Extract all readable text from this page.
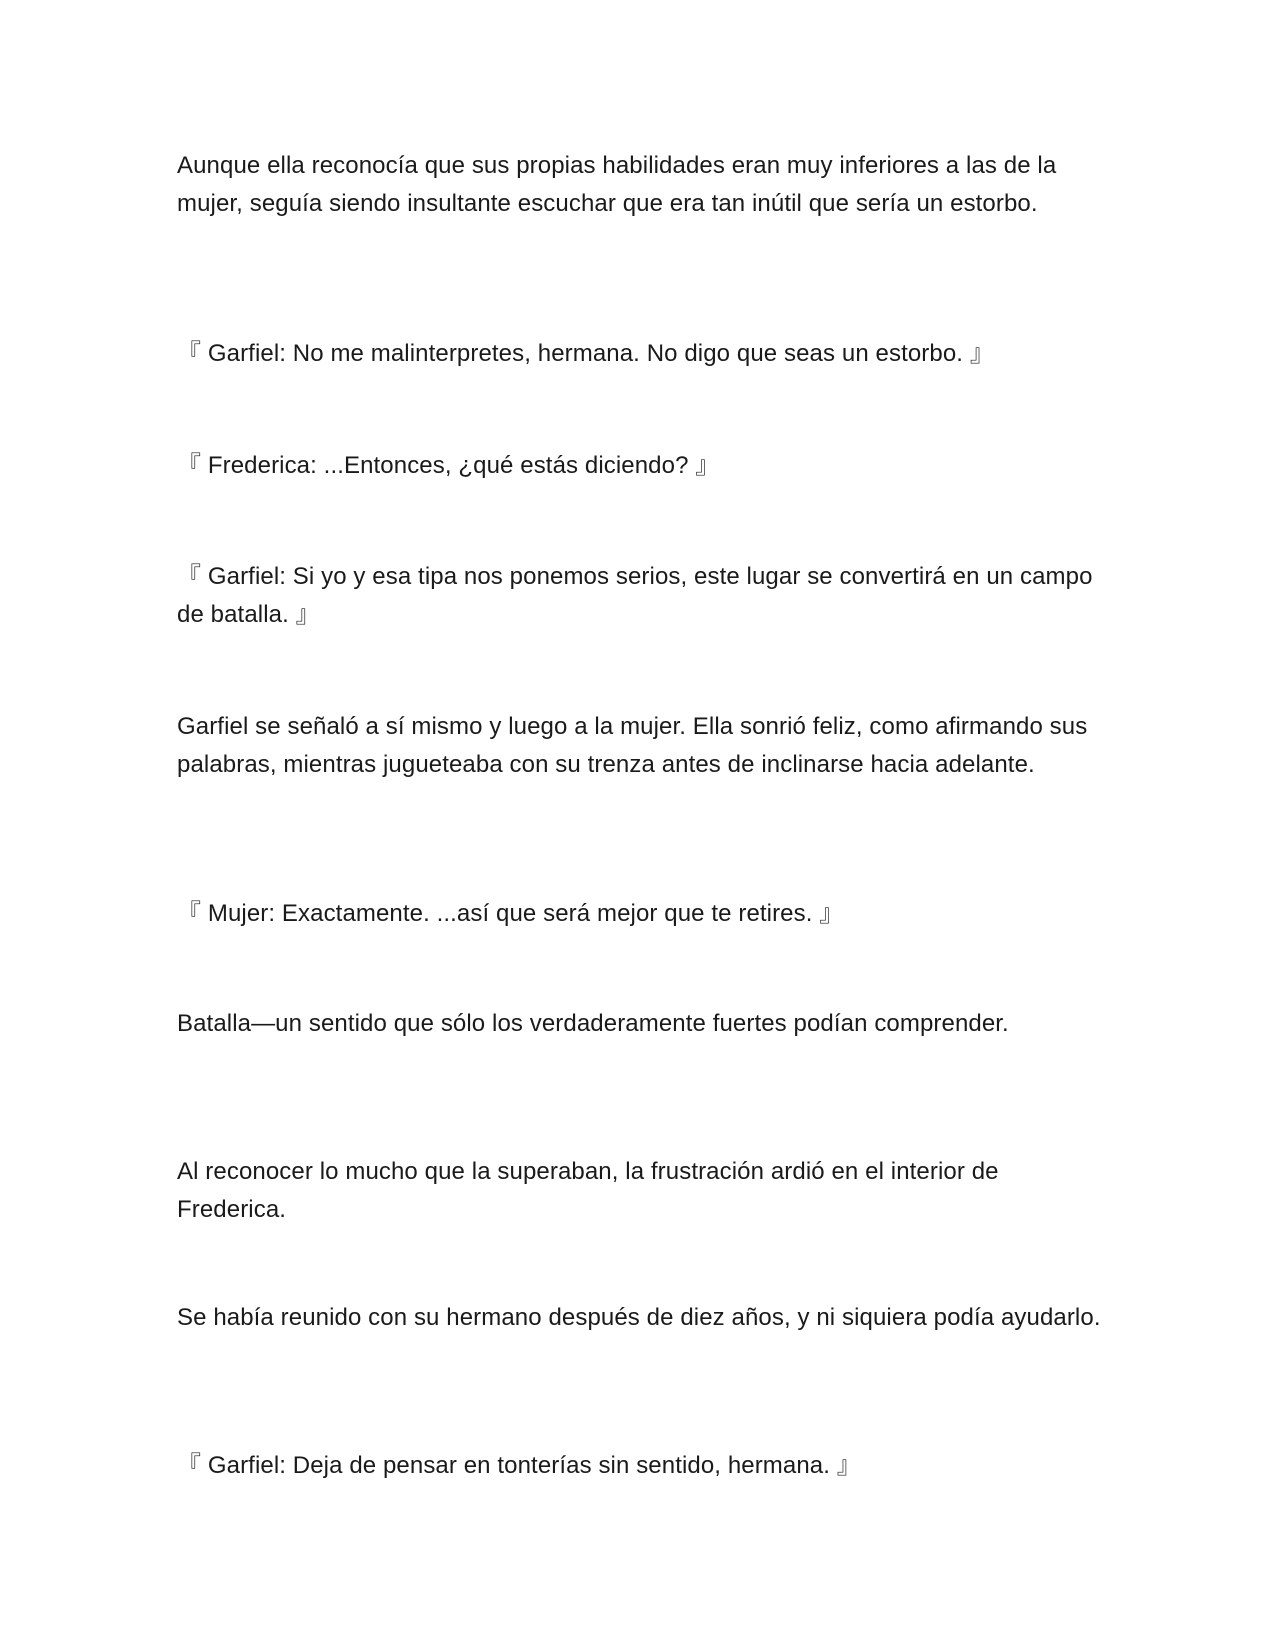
Aunque ella reconocía que sus propias habilidades eran muy inferiores a las de la mujer, seguía siendo insultante escuchar que era tan inútil que sería un estorbo.

『 Garfiel: No me malinterpretes, hermana. No digo que seas un estorbo. 』

『 Frederica: ...Entonces, ¿qué estás diciendo? 』

『 Garfiel: Si yo y esa tipa nos ponemos serios, este lugar se convertirá en un campo de batalla. 』

Garfiel se señaló a sí mismo y luego a la mujer. Ella sonrió feliz, como afirmando sus palabras, mientras jugueteaba con su trenza antes de inclinarse hacia adelante.

『 Mujer: Exactamente. ...así que será mejor que te retires. 』

Batalla—un sentido que sólo los verdaderamente fuertes podían comprender.

Al reconocer lo mucho que la superaban, la frustración ardió en el interior de Frederica.

Se había reunido con su hermano después de diez años, y ni siquiera podía ayudarlo.

『 Garfiel: Deja de pensar en tonterías sin sentido, hermana. 』
